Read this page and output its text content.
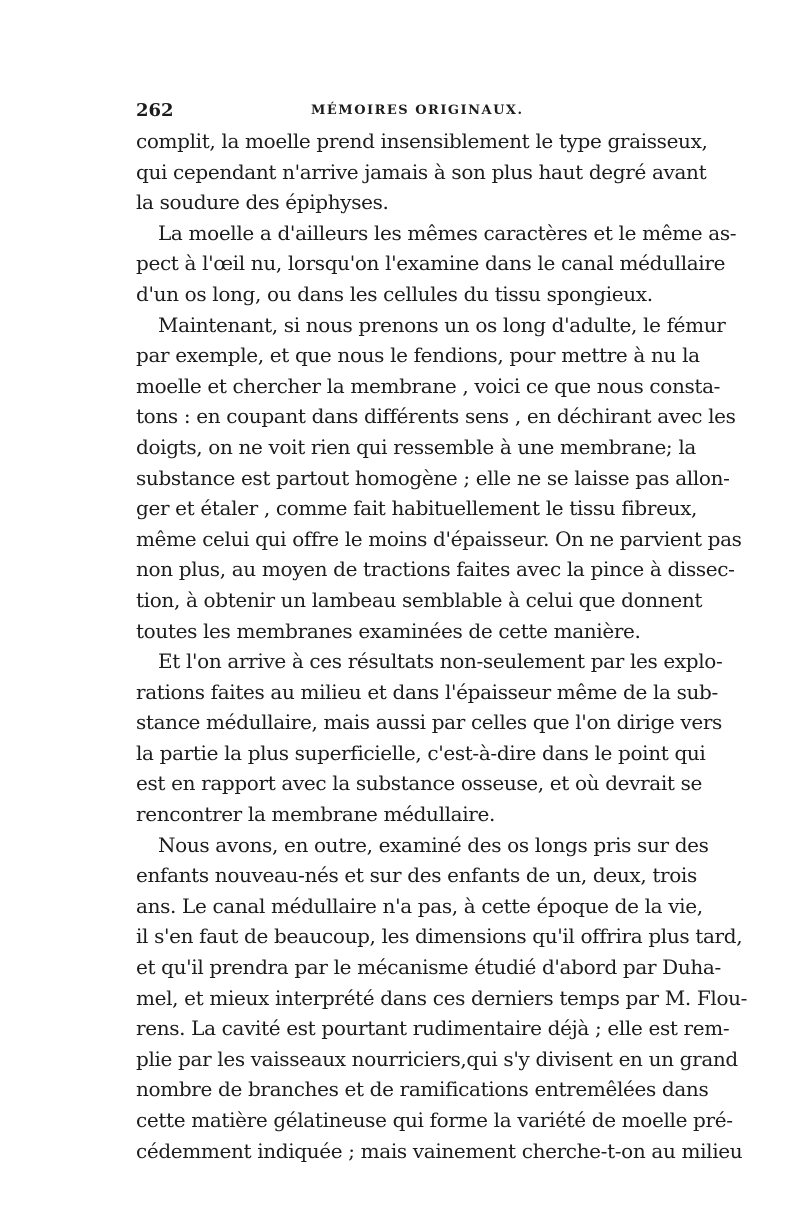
262	MÉMOIRES ORIGINAUX.
complit, la moelle prend insensiblement le type graisseux,
qui cependant n'arrive jamais à son plus haut degré avant
la soudure des épiphyses.
La moelle a d'ailleurs les mêmes caractères et le même as-
pect à l'œil nu, lorsqu'on l'examine dans le canal médullaire
d'un os long, ou dans les cellules du tissu spongieux.
Maintenant, si nous prenons un os long d'adulte, le fémur
par exemple, et que nous le fendions, pour mettre à nu la
moelle et chercher la membrane , voici ce que nous consta-
tons : en coupant dans différents sens , en déchirant avec les
doigts, on ne voit rien qui ressemble à une membrane; la
substance est partout homogène ; elle ne se laisse pas allon-
ger et étaler , comme fait habituellement le tissu fibreux,
même celui qui offre le moins d'épaisseur. On ne parvient pas
non plus, au moyen de tractions faites avec la pince à dissec-
tion, à obtenir un lambeau semblable à celui que donnent
toutes les membranes examinées de cette manière.
Et l'on arrive à ces résultats non-seulement par les explo-
rations faites au milieu et dans l'épaisseur même de la sub-
stance médullaire, mais aussi par celles que l'on dirige vers
la partie la plus superficielle, c'est-à-dire dans le point qui
est en rapport avec la substance osseuse, et où devrait se
rencontrer la membrane médullaire.
Nous avons, en outre, examiné des os longs pris sur des
enfants nouveau-nés et sur des enfants de un, deux, trois
ans. Le canal médullaire n'a pas, à cette époque de la vie,
il s'en faut de beaucoup, les dimensions qu'il offrira plus tard,
et qu'il prendra par le mécanisme étudié d'abord par Duha-
mel, et mieux interprété dans ces derniers temps par M. Flou-
rens. La cavité est pourtant rudimentaire déjà ; elle est rem-
plie par les vaisseaux nourriciers,qui s'y divisent en un grand
nombre de branches et de ramifications entremêlées dans
cette matière gélatineuse qui forme la variété de moelle pré-
cédemment indiquée ; mais vainement cherche-t-on au milieu
